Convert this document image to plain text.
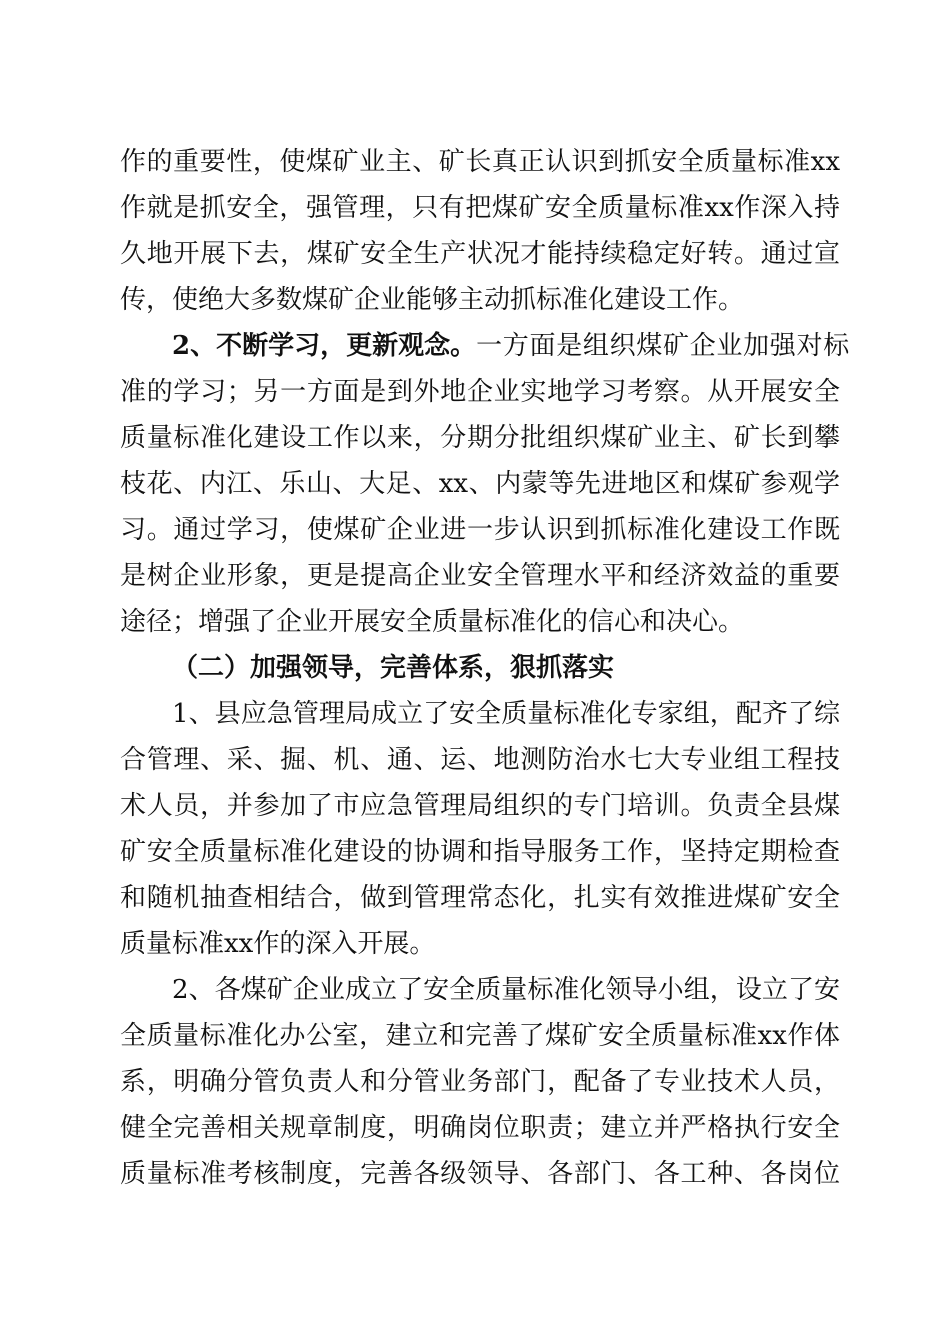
作的重要性，使煤矿业主、矿长真正认识到抓安全质量标准xx
作就是抓安全，强管理，只有把煤矿安全质量标准xx作深入持
久地开展下去，煤矿安全生产状况才能持续稳定好转。通过宣
传，使绝大多数煤矿企业能够主动抓标准化建设工作。
2、不断学习，更新观念。一方面是组织煤矿企业加强对标
准的学习；另一方面是到外地企业实地学习考察。从开展安全
质量标准化建设工作以来，分期分批组织煤矿业主、矿长到攀
枝花、内江、乐山、大足、xx、内蒙等先进地区和煤矿参观学
习。通过学习，使煤矿企业进一步认识到抓标准化建设工作既
是树企业形象，更是提高企业安全管理水平和经济效益的重要
途径；增强了企业开展安全质量标准化的信心和决心。
（二）加强领导，完善体系，狠抓落实
1、县应急管理局成立了安全质量标准化专家组，配齐了综
合管理、采、掘、机、通、运、地测防治水七大专业组工程技
术人员，并参加了市应急管理局组织的专门培训。负责全县煤
矿安全质量标准化建设的协调和指导服务工作，坚持定期检查
和随机抽查相结合，做到管理常态化，扎实有效推进煤矿安全
质量标准xx作的深入开展。
2、各煤矿企业成立了安全质量标准化领导小组，设立了安
全质量标准化办公室，建立和完善了煤矿安全质量标准xx作体
系，明确分管负责人和分管业务部门，配备了专业技术人员，
健全完善相关规章制度，明确岗位职责；建立并严格执行安全
质量标准考核制度，完善各级领导、各部门、各工种、各岗位
